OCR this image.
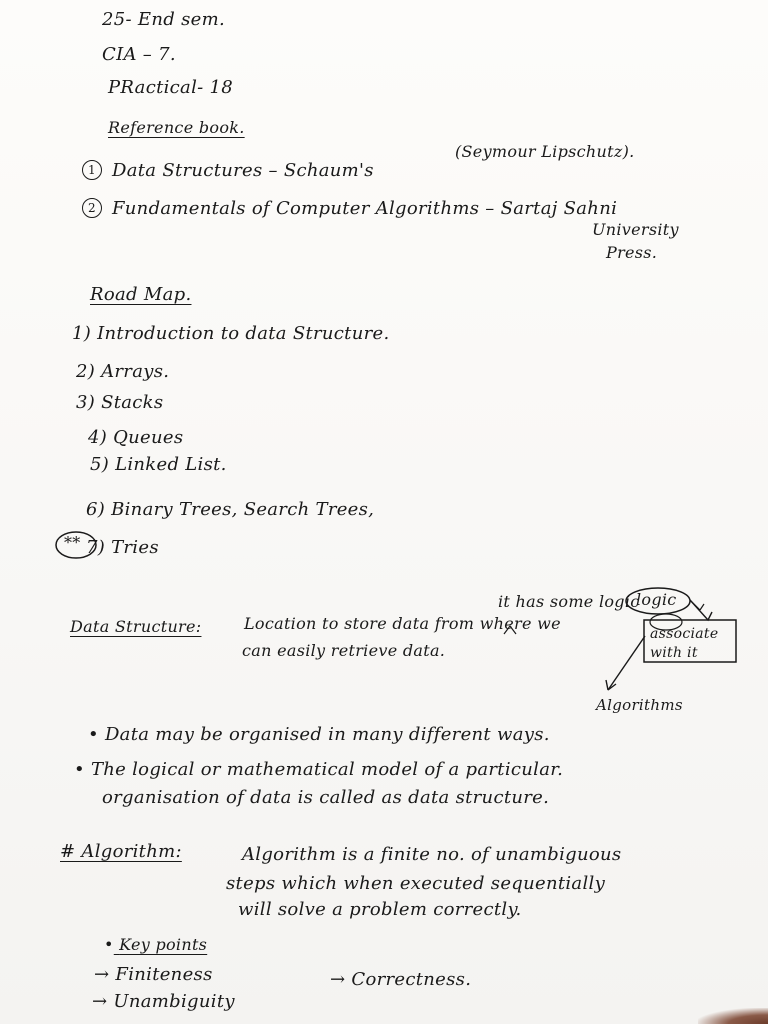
25- End sem.
CIA – 7.
PRactical- 18
Reference book.
1 Data Structures – Schaum's
(Seymour Lipschutz).
2 Fundamentals of Computer Algorithms – Sartaj Sahni
University
Press.
Road Map.
1) Introduction to data Structure.
2) Arrays.
3) Stacks
4) Queues
5) Linked List.
6) Binary Trees, Search Trees,
** 7) Tries
it has some logic
logic
Data Structure:	Location to store data from where we
can easily retrieve data.
associate
with it
Algorithms
• Data may be organised in many different ways.
• The logical or mathematical model of a particular.
organisation of data is called as data structure.
# Algorithm:	Algorithm is a finite no. of unambiguous
steps which when executed sequentially
will solve a problem correctly.
• Key points
→ Finiteness	→ Correctness.
→ Unambiguity
